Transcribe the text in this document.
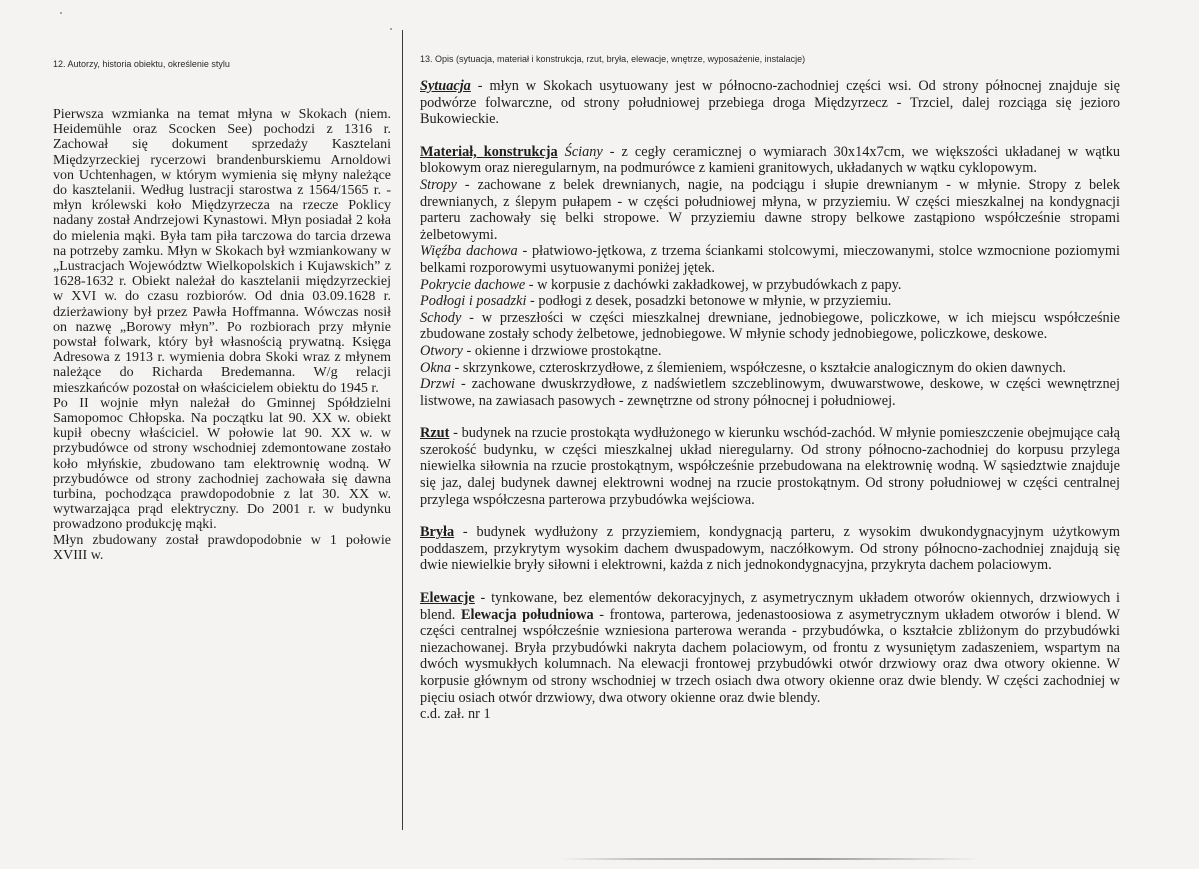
12. Autorzy, historia obiektu, określenie stylu	13. Opis (sytuacja, materiał i konstrukcja, rzut, bryła, elewacje, wnętrze, wyposażenie, instalacje)

Pierwsza wzmianka na temat młyna w Skokach (niem. Heidemühle oraz Scocken See) pochodzi z 1316 r. Zachował się dokument sprzedaży Kasztelani Międzyrzeckiej rycerzowi brandenburskiemu Arnoldowi von Uchtenhagen, w którym wymienia się młyny należące do kasztelanii. Według lustracji starostwa z 1564/1565 r. - młyn królewski koło Międzyrzecza na rzecze Poklicy nadany został Andrzejowi Kynastowi. Młyn posiadał 2 koła do mielenia mąki. Była tam piła tarczowa do tarcia drzewa na potrzeby zamku. Młyn w Skokach był wzmiankowany w „Lustracjach Województw Wielkopolskich i Kujawskich” z 1628-1632 r. Obiekt należał do kasztelanii międzyrzeckiej w XVI w. do czasu rozbiorów. Od dnia 03.09.1628 r. dzierżawiony był przez Pawła Hoffmanna. Wówczas nosił on nazwę „Borowy młyn”. Po rozbiorach przy młynie powstał folwark, który był własnością prywatną. Księga Adresowa z 1913 r. wymienia dobra Skoki wraz z młynem należące do Richarda Bredemanna. W/g relacji mieszkańców pozostał on właścicielem obiektu do 1945 r.

Po II wojnie młyn należał do Gminnej Spółdzielni Samopomoc Chłopska. Na początku lat 90. XX w. obiekt kupił obecny właściciel. W połowie lat 90. XX w. w przybudówce od strony wschodniej zdemontowane zostało koło młyńskie, zbudowano tam elektrownię wodną. W przybudówce od strony zachodniej zachowała się dawna turbina, pochodząca prawdopodobnie z lat 30. XX w. wytwarzająca prąd elektryczny. Do 2001 r. w budynku prowadzono produkcję mąki.

Młyn zbudowany został prawdopodobnie w 1 połowie XVIII w.

Sytuacja - młyn w Skokach usytuowany jest w północno-zachodniej części wsi. Od strony północnej znajduje się podwórze folwarczne, od strony południowej przebiega droga Międzyrzecz - Trzciel, dalej rozciąga się jezioro Bukowieckie.

Materiał, konstrukcja Ściany - z cegły ceramicznej o wymiarach 30x14x7cm, we większości układanej w wątku blokowym oraz nieregularnym, na podmurówce z kamieni granitowych, układanych w wątku cyklopowym.

Stropy - zachowane z belek drewnianych, nagie, na podciągu i słupie drewnianym - w młynie. Stropy z belek drewnianych, z ślepym pułapem - w części południowej młyna, w przyziemiu. W części mieszkalnej na kondygnacji parteru zachowały się belki stropowe. W przyziemiu dawne stropy belkowe zastąpiono współcześnie stropami żelbetowymi.

Więźba dachowa - płatwiowo-jętkowa, z trzema ściankami stolcowymi, mieczowanymi, stolce wzmocnione poziomymi belkami rozporowymi usytuowanymi poniżej jętek.

Pokrycie dachowe - w korpusie z dachówki zakładkowej, w przybudówkach z papy.

Podłogi i posadzki - podłogi z desek, posadzki betonowe w młynie, w przyziemiu.

Schody - w przeszłości w części mieszkalnej drewniane, jednobiegowe, policzkowe, w ich miejscu współcześnie zbudowane zostały schody żelbetowe, jednobiegowe. W młynie schody jednobiegowe, policzkowe, deskowe.

Otwory - okienne i drzwiowe prostokątne.

Okna - skrzynkowe, czteroskrzydłowe, z ślemieniem, współczesne, o kształcie analogicznym do okien dawnych.

Drzwi - zachowane dwuskrzydłowe, z nadświetlem szczeblinowym, dwuwarstwowe, deskowe, w części wewnętrznej listwowe, na zawiasach pasowych - zewnętrzne od strony północnej i południowej.

Rzut - budynek na rzucie prostokąta wydłużonego w kierunku wschód-zachód. W młynie pomieszczenie obejmujące całą szerokość budynku, w części mieszkalnej układ nieregularny. Od strony północno-zachodniej do korpusu przylega niewielka siłownia na rzucie prostokątnym, współcześnie przebudowana na elektrownię wodną. W sąsiedztwie znajduje się jaz, dalej budynek dawnej elektrowni wodnej na rzucie prostokątnym. Od strony południowej w części centralnej przylega współczesna parterowa przybudówka wejściowa.

Bryła - budynek wydłużony z przyziemiem, kondygnacją parteru, z wysokim dwukondygnacyjnym użytkowym poddaszem, przykrytym wysokim dachem dwuspadowym, naczółkowym. Od strony północno-zachodniej znajdują się dwie niewielkie bryły siłowni i elektrowni, każda z nich jednokondygnacyjna, przykryta dachem polaciowym.

Elewacje - tynkowane, bez elementów dekoracyjnych, z asymetrycznym układem otworów okiennych, drzwiowych i blend. Elewacja południowa - frontowa, parterowa, jedenastoosiowa z asymetrycznym układem otworów i blend. W części centralnej współcześnie wzniesiona parterowa weranda - przybudówka, o kształcie zbliżonym do przybudówki niezachowanej. Bryła przybudówki nakryta dachem polaciowym, od frontu z wysuniętym zadaszeniem, wspartym na dwóch wysmukłych kolumnach. Na elewacji frontowej przybudówki otwór drzwiowy oraz dwa otwory okienne. W korpusie głównym od strony wschodniej w trzech osiach dwa otwory okienne oraz dwie blendy. W części zachodniej w pięciu osiach otwór drzwiowy, dwa otwory okienne oraz dwie blendy.

c.d. zał. nr 1
